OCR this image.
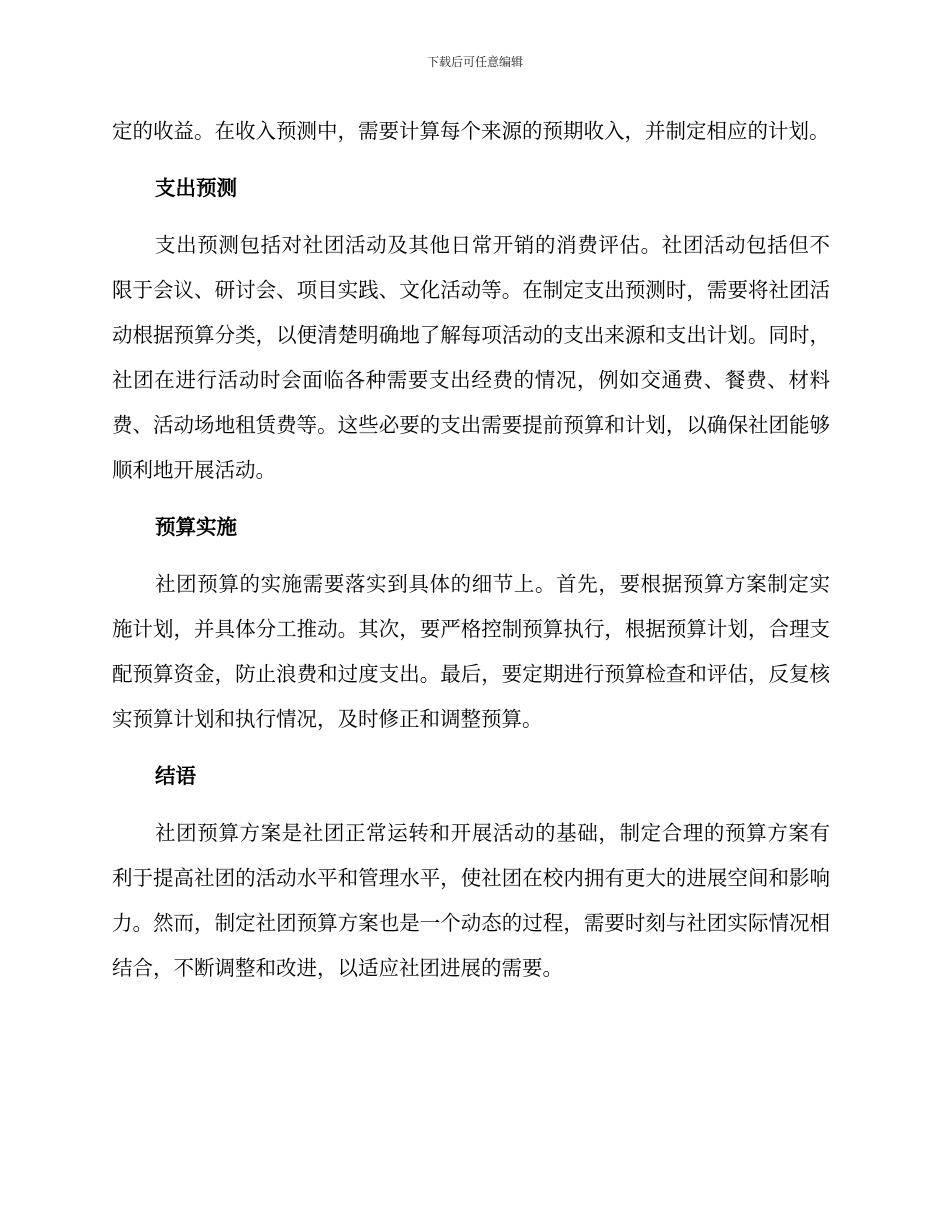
下载后可任意编辑

定的收益。在收入预测中，需要计算每个来源的预期收入，并制定相应的计划。

支出预测

支出预测包括对社团活动及其他日常开销的消费评估。社团活动包括但不限于会议、研讨会、项目实践、文化活动等。在制定支出预测时，需要将社团活动根据预算分类，以便清楚明确地了解每项活动的支出来源和支出计划。同时，社团在进行活动时会面临各种需要支出经费的情况，例如交通费、餐费、材料费、活动场地租赁费等。这些必要的支出需要提前预算和计划，以确保社团能够顺利地开展活动。

预算实施

社团预算的实施需要落实到具体的细节上。首先，要根据预算方案制定实施计划，并具体分工推动。其次，要严格控制预算执行，根据预算计划，合理支配预算资金，防止浪费和过度支出。最后，要定期进行预算检查和评估，反复核实预算计划和执行情况，及时修正和调整预算。

结语

社团预算方案是社团正常运转和开展活动的基础，制定合理的预算方案有利于提高社团的活动水平和管理水平，使社团在校内拥有更大的进展空间和影响力。然而，制定社团预算方案也是一个动态的过程，需要时刻与社团实际情况相结合，不断调整和改进，以适应社团进展的需要。
